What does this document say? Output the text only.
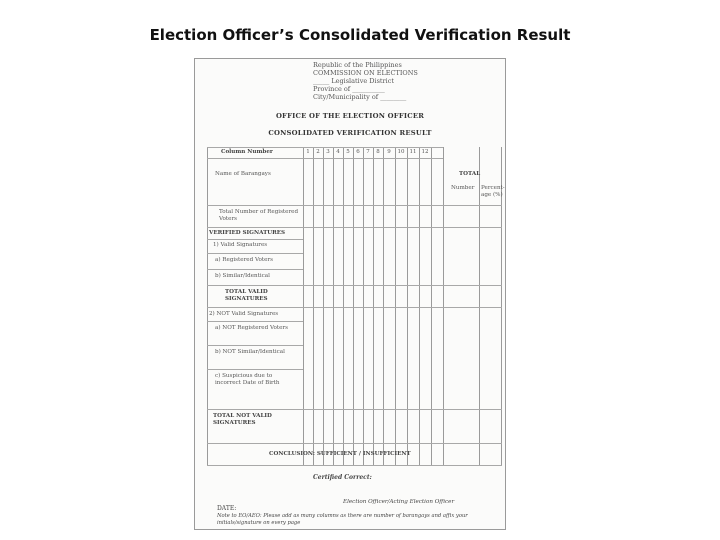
Election Officer’s Consolidated Verification Result
Republic of the Philippines
COMMISSION ON ELECTIONS
_____ Legislative District
Province of __________
City/Municipality of ________
OFFICE OF THE ELECTION OFFICER
CONSOLIDATED VERIFICATION RESULT
Column Number	1	2	3	4	5	6	7	8	9	10 11 12
Name of Barangays	TOTAL
Number Percent-age (%)
Total Number of Registered Voters
VERIFIED SIGNATURES
1) Valid Signatures
a) Registered Voters
b) Similar/Identical
TOTAL VALID SIGNATURES
2) NOT Valid Signatures
a) NOT Registered Voters
b) NOT Similar/Identical
c) Suspicious due to incorrect Date of Birth
TOTAL NOT VALID SIGNATURES
CONCLUSION: SUFFICIENT / INSUFFICIENT
Certified Correct:
Election Officer/Acting Election Officer
DATE:
Note to EO/AEO: Please add as many columns as there are number of barangays and affix your initials/signature on every page
